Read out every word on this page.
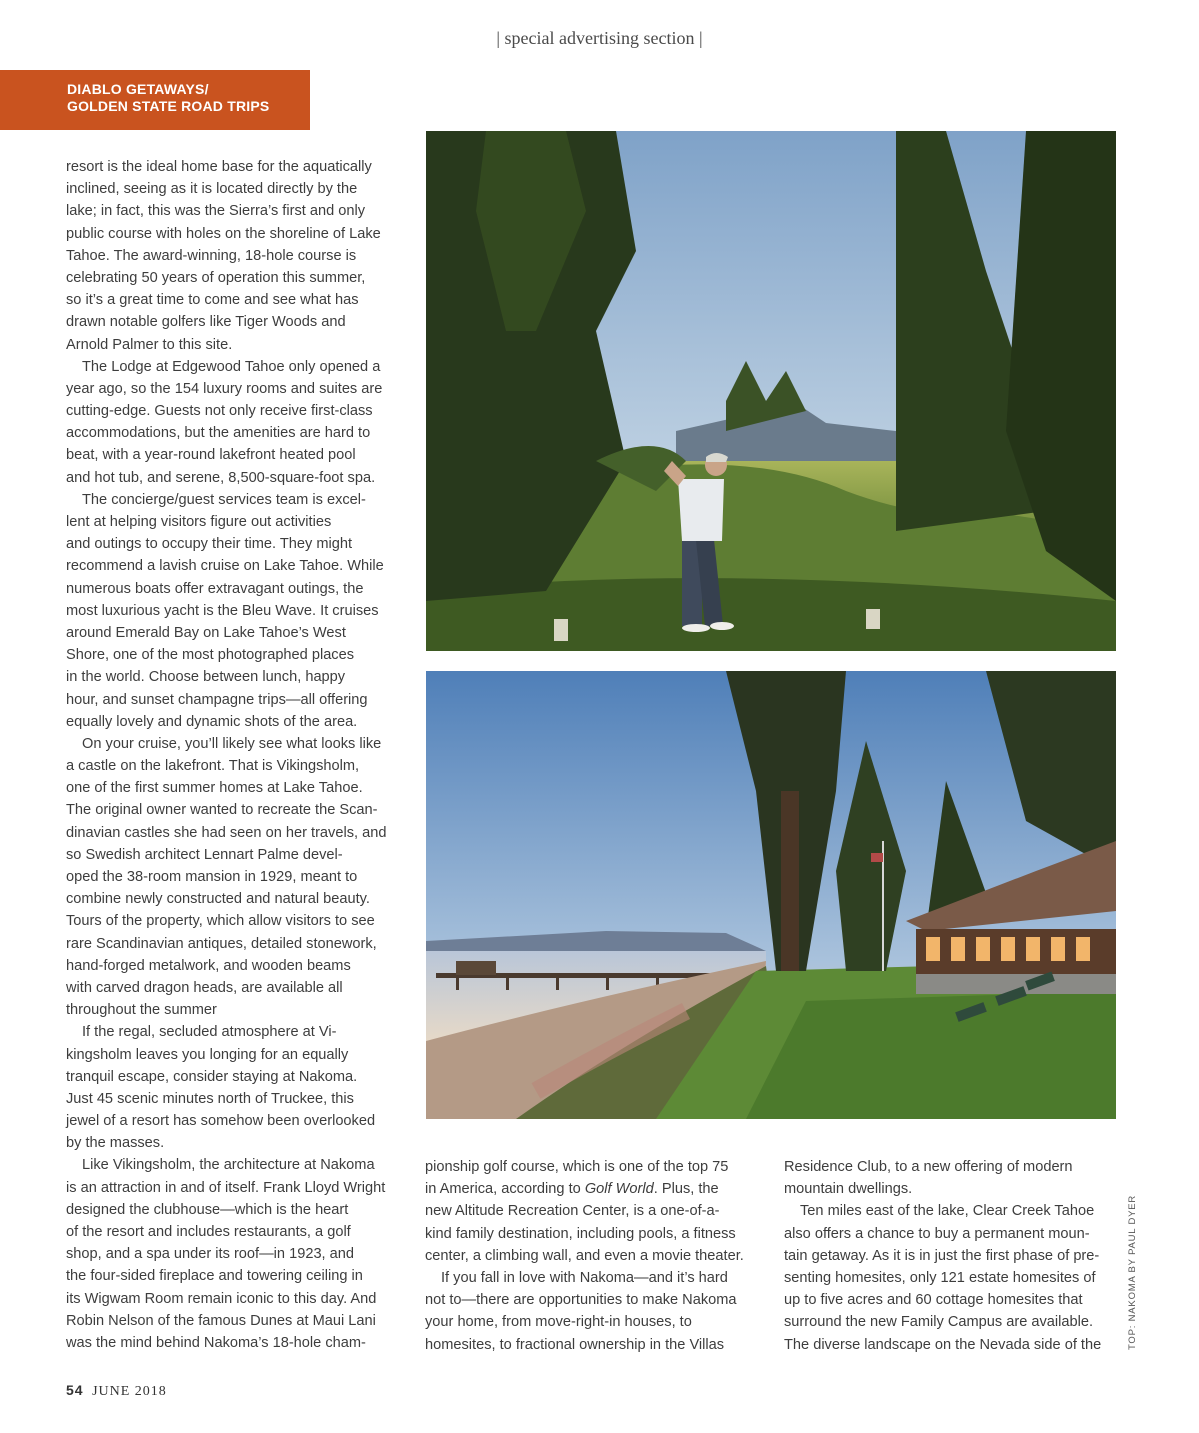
| special advertising section |
DIABLO GETAWAYS/
GOLDEN STATE ROAD TRIPS
resort is the ideal home base for the aquatically
inclined, seeing as it is located directly by the
lake; in fact, this was the Sierra’s first and only
public course with holes on the shoreline of Lake
Tahoe. The award-winning, 18-hole course is
celebrating 50 years of operation this summer,
so it’s a great time to come and see what has
drawn notable golfers like Tiger Woods and
Arnold Palmer to this site.
The Lodge at Edgewood Tahoe only opened a
year ago, so the 154 luxury rooms and suites are
cutting-edge. Guests not only receive first-class
accommodations, but the amenities are hard to
beat, with a year-round lakefront heated pool
and hot tub, and serene, 8,500-square-foot spa.
The concierge/guest services team is excel-
lent at helping visitors figure out activities
and outings to occupy their time. They might
recommend a lavish cruise on Lake Tahoe. While
numerous boats offer extravagant outings, the
most luxurious yacht is the Bleu Wave. It cruises
around Emerald Bay on Lake Tahoe’s West
Shore, one of the most photographed places
in the world. Choose between lunch, happy
hour, and sunset champagne trips—all offering
equally lovely and dynamic shots of the area.
On your cruise, you’ll likely see what looks like
a castle on the lakefront. That is Vikingsholm,
one of the first summer homes at Lake Tahoe.
The original owner wanted to recreate the Scan-
dinavian castles she had seen on her travels, and
so Swedish architect Lennart Palme devel-
oped the 38-room mansion in 1929, meant to
combine newly constructed and natural beauty.
Tours of the property, which allow visitors to see
rare Scandinavian antiques, detailed stonework,
hand-forged metalwork, and wooden beams
with carved dragon heads, are available all
throughout the summer
If the regal, secluded atmosphere at Vi-
kingsholm leaves you longing for an equally
tranquil escape, consider staying at Nakoma.
Just 45 scenic minutes north of Truckee, this
jewel of a resort has somehow been overlooked
by the masses.
Like Vikingsholm, the architecture at Nakoma
is an attraction in and of itself. Frank Lloyd Wright
designed the clubhouse—which is the heart
of the resort and includes restaurants, a golf
shop, and a spa under its roof—in 1923, and
the four-sided fireplace and towering ceiling in
its Wigwam Room remain iconic to this day. And
Robin Nelson of the famous Dunes at Maui Lani
was the mind behind Nakoma’s 18-hole cham-
pionship golf course, which is one of the top 75
in America, according to Golf World. Plus, the
new Altitude Recreation Center, is a one-of-a-
kind family destination, including pools, a fitness
center, a climbing wall, and even a movie theater.
If you fall in love with Nakoma—and it’s hard
not to—there are opportunities to make Nakoma
your home, from move-right-in houses, to
homesites, to fractional ownership in the Villas
Residence Club, to a new offering of modern
mountain dwellings.
Ten miles east of the lake, Clear Creek Tahoe
also offers a chance to buy a permanent moun-
tain getaway. As it is in just the first phase of pre-
senting homesites, only 121 estate homesites of
up to five acres and 60 cottage homesites that
surround the new Family Campus are available.
The diverse landscape on the Nevada side of the	TOP: NAKOMA BY PAUL DYER
54 JUNE 2018
